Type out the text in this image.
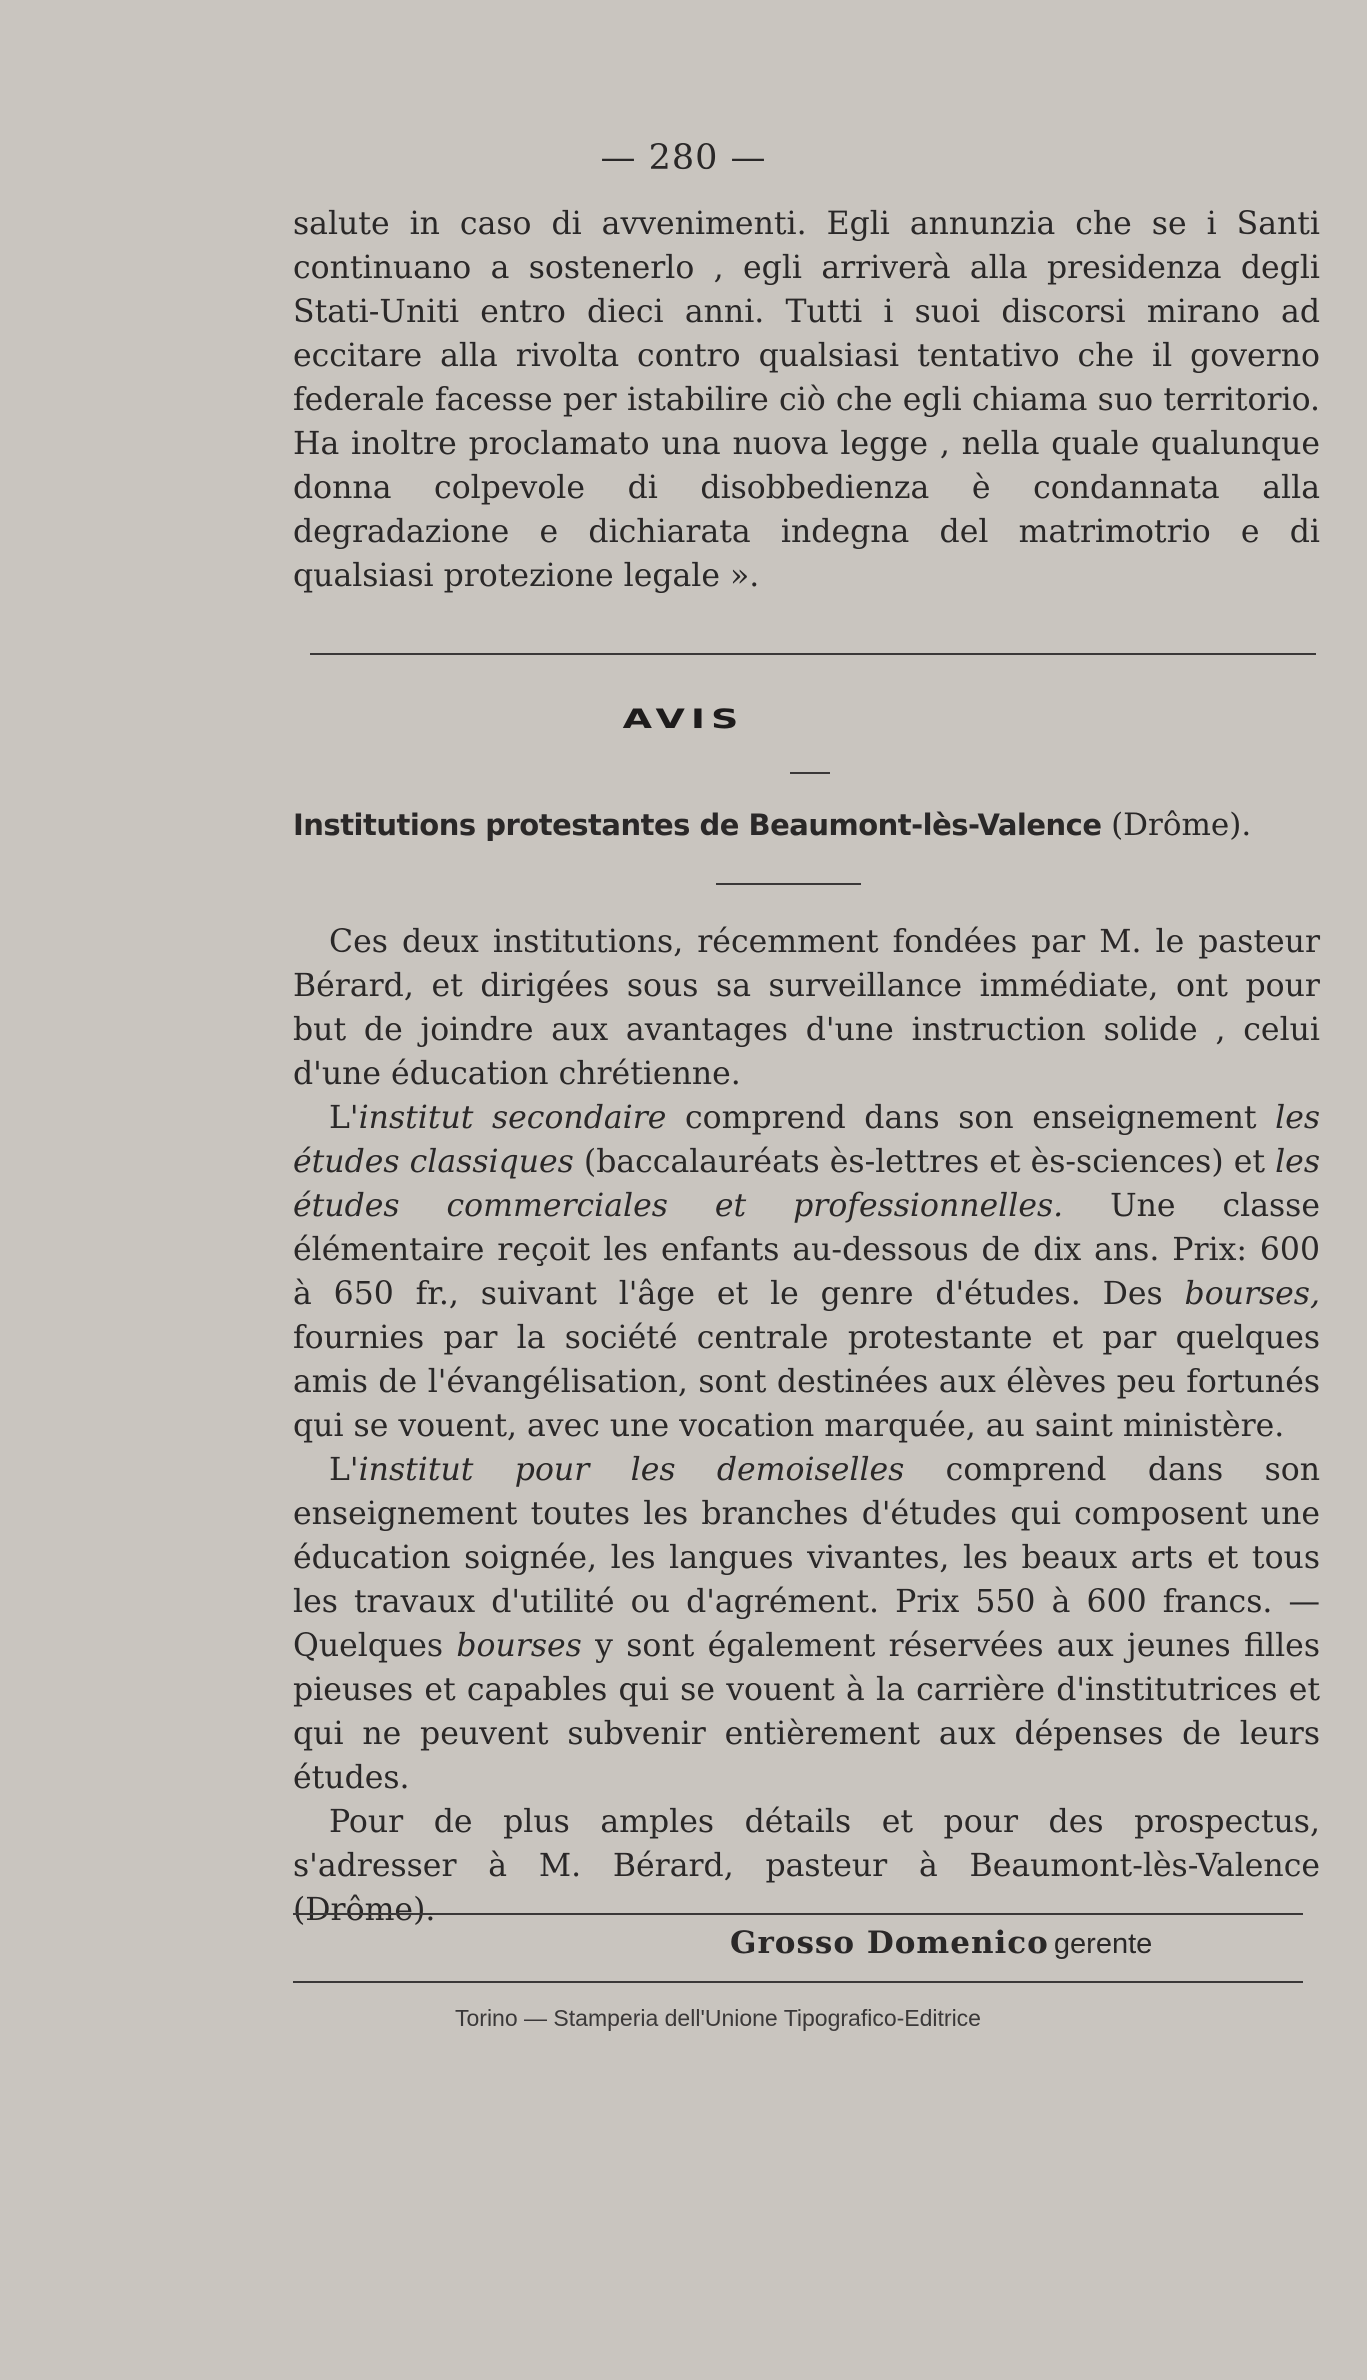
— 280 —

salute in caso di avvenimenti. Egli annunzia che se i Santi continuano a sostenerlo , egli arriverà alla presidenza degli Stati-Uniti entro dieci anni. Tutti i suoi discorsi mirano ad eccitare alla rivolta contro qualsiasi tentativo che il governo federale facesse per istabilire ciò che egli chiama suo territorio. Ha inoltre proclamato una nuova legge , nella quale qualunque donna colpevole di disobbedienza è condannata alla degradazione e dichiarata indegna del matrimotrio e di qualsiasi protezione legale ».

AVIS
Institutions protestantes de Beaumont-lès-Valence (Drôme).

Ces deux institutions, récemment fondées par M. le pasteur Bérard, et dirigées sous sa surveillance immédiate, ont pour but de joindre aux avantages d'une instruction solide , celui d'une éducation chrétienne.

L'institut secondaire comprend dans son enseignement les études classiques (baccalauréats ès-lettres et ès-sciences) et les études commerciales et professionnelles. Une classe élémentaire reçoit les enfants au-dessous de dix ans. Prix: 600 à 650 fr., suivant l'âge et le genre d'études. Des bourses, fournies par la société centrale protestante et par quelques amis de l'évangélisation, sont destinées aux élèves peu fortunés qui se vouent, avec une vocation marquée, au saint ministère.

L'institut pour les demoiselles comprend dans son enseignement toutes les branches d'études qui composent une éducation soignée, les langues vivantes, les beaux arts et tous les travaux d'utilité ou d'agrément. Prix 550 à 600 francs. — Quelques bourses y sont également réservées aux jeunes filles pieuses et capables qui se vouent à la carrière d'institutrices et qui ne peuvent subvenir entièrement aux dépenses de leurs études.

Pour de plus amples détails et pour des prospectus, s'adresser à M. Bérard, pasteur à Beaumont-lès-Valence (Drôme).

Grosso Domenico gerente
Torino — Stamperia dell'Unione Tipografico-Editrice
